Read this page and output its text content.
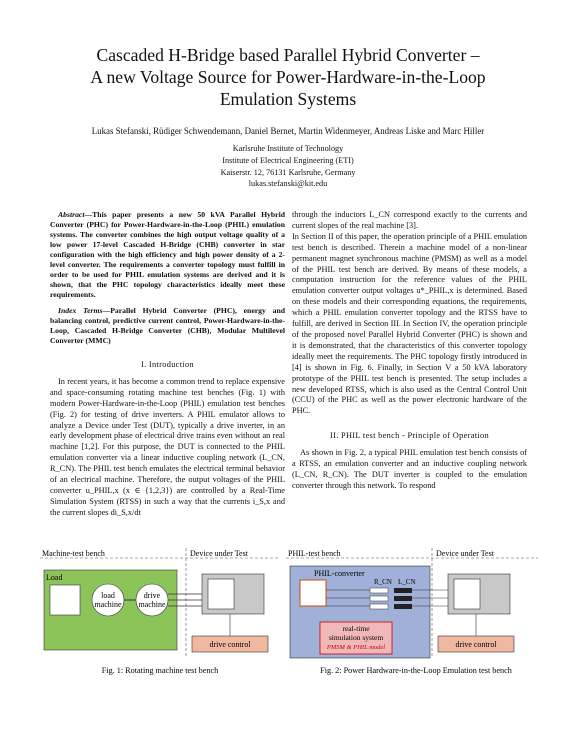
Cascaded H-Bridge based Parallel Hybrid Converter –
A new Voltage Source for Power-Hardware-in-the-Loop
Emulation Systems
Lukas Stefanski, Rüdiger Schwendemann, Daniel Bernet, Martin Widenmeyer, Andreas Liske and Marc Hiller
Karlsruhe Institute of Technology
Institute of Electrical Engineering (ETI)
Kaiserstr. 12, 76131 Karlsruhe, Germany
lukas.stefanski@kit.edu

Abstract—This paper presents a new 50 kVA Parallel Hybrid Converter (PHC) for Power-Hardware-in-the-Loop (PHIL) emulation systems. The converter combines the high output voltage quality of a low power 17-level Cascaded H-Bridge (CHB) converter in star configuration with the high efficiency and high power density of a 2-level converter. The requirements a converter topology must fulfill in order to be used for PHIL emulation systems are derived and it is shown, that the PHC topology characteristics ideally meet these requirements.

Index Terms—Parallel Hybrid Converter (PHC), energy and balancing control, predictive current control, Power-Hardware-in-the-Loop, Cascaded H-Bridge Converter (CHB), Modular Multilevel Converter (MMC)

I. Introduction

In recent years, it has become a common trend to replace expensive and space-consuming rotating machine test benches (Fig. 1) with modern Power-Hardware-in-the-Loop (PHIL) emulation test benches (Fig. 2) for testing of drive inverters. A PHIL emulator allows to analyze a Device under Test (DUT), typically a drive inverter, in an early development phase of electrical drive trains even without an real machine [1,2]. For this purpose, the DUT is connected to the PHIL emulation converter via a linear inductive coupling network (L_CN, R_CN). The PHIL test bench emulates the electrical terminal behavior of an electrical machine. Therefore, the output voltages of the PHIL converter u_PHIL,x (x ∈ {1,2,3}) are controlled by a Real-Time Simulation System (RTSS) in such a way that the currents i_S,x and the current slopes di_S,x/dt

through the inductors L_CN correspond exactly to the currents and current slopes of the real machine [3].

In Section II of this paper, the operation principle of a PHIL emulation test bench is described. Therein a machine model of a non-linear permanent magnet synchronous machine (PMSM) as well as a model of the PHIL test bench are derived. By means of these models, a computation instruction for the reference values of the PHIL emulation converter output voltages u*_PHIL,x is determined. Based on these models and their corresponding equations, the requirements, which a PHIL emulation converter topology and the RTSS have to fulfill, are derived in Section III. In Section IV, the operation principle of the proposed novel Parallel Hybrid Converter (PHC) is shown and it is demonstrated, that the characteristics of this converter topology ideally meet the requirements. The PHC topology firstly introduced in [4] is shown in Fig. 6. Finally, in Section V a 50 kVA laboratory prototype of the PHIL test bench is presented. The setup includes a new developed RTSS, which is also used as the Central Control Unit (CCU) of the PHC as well as the power electronic hardware of the PHC.

II. PHIL test bench - Principle of Operation

As shown in Fig. 2, a typical PHIL emulation test bench consists of a RTSS, an emulation converter and an inductive coupling network (L_CN, R_CN). The DUT inverter is coupled to the emulation converter through this network. To respond

Machine-test bench	Device under Test
Load
load
machine
drive
machine
drive control
Fig. 1: Rotating machine test bench
PHIL-test bench	Device under Test
PHIL-converter
R_CN L_CN
real-time
simulation system
PMSM & PHIL model	drive control
Fig. 2: Power Hardware-in-the-Loop Emulation test bench
